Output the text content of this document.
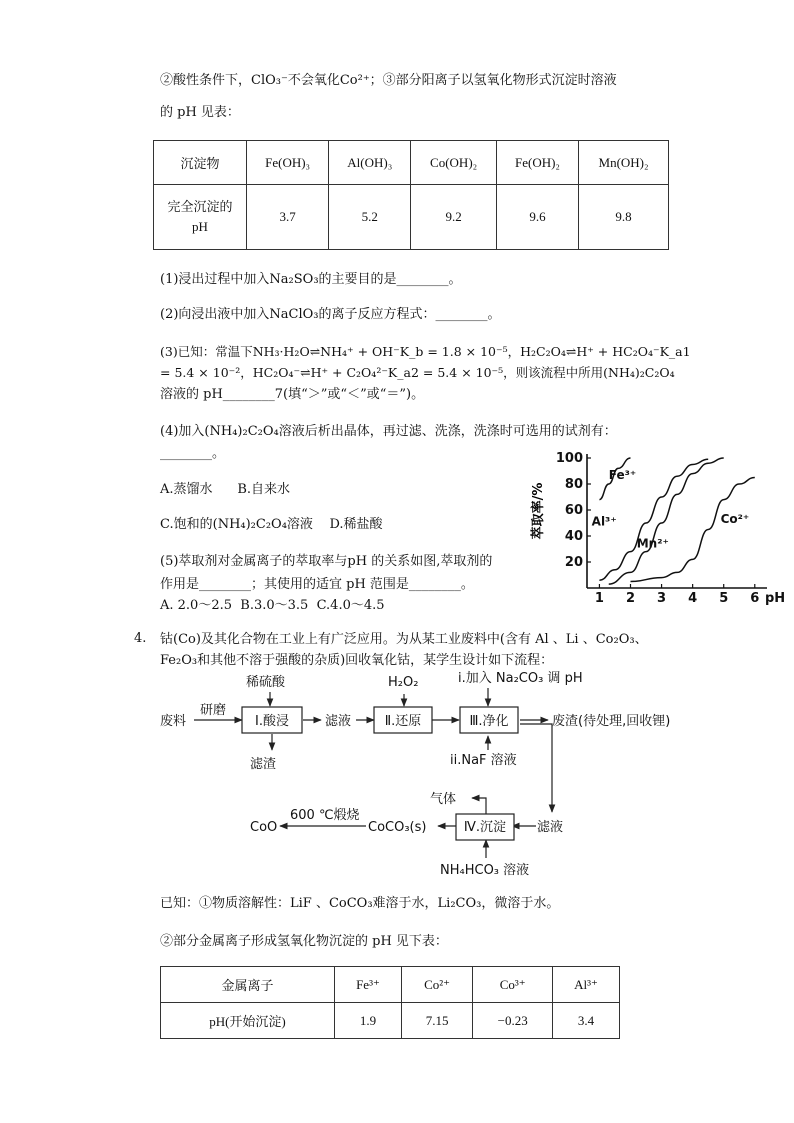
②酸性条件下，ClO₃⁻不会氧化Co²⁺；③部分阳离子以氢氧化物形式沉淀时溶液
的 pH 见表：
沉淀物	Fe(OH)₃	Al(OH)₃	Co(OH)₂	Fe(OH)₂	Mn(OH)₂
完全沉淀的
pH	3.7	5.2	9.2	9.6	9.8
(1)浸出过程中加入Na₂SO₃的主要目的是________。
(2)向浸出液中加入NaClO₃的离子反应方程式：________。
(3)已知：常温下NH₃·H₂O⇌NH₄⁺ + OH⁻K_b = 1.8 × 10⁻⁵，H₂C₂O₄⇌H⁺ + HC₂O₄⁻K_a1
= 5.4 × 10⁻²，HC₂O₄⁻⇌H⁺ + C₂O₄²⁻K_a2 = 5.4 × 10⁻⁵，则该流程中所用(NH₄)₂C₂O₄
溶液的 pH________7(填“＞”或“＜”或“＝”)。
(4)加入(NH₄)₂C₂O₄溶液后析出晶体，再过滤、洗涤，洗涤时可选用的试剂有：
________。
A.蒸馏水      B.自来水
C.饱和的(NH₄)₂C₂O₄溶液    D.稀盐酸
(5)萃取剂对金属离子的萃取率与pH 的关系如图,萃取剂的
作用是________；其使用的适宜 pH 范围是________。
A. 2.0～2.5  B.3.0～3.5  C.4.0～4.5
萃取率/%
1 2 3 4 5 6 pH
20
40
60
80
100
Fe³⁺
Al³⁺
Mn²⁺
Co²⁺
4. 钴(Co)及其化合物在工业上有广泛应用。为从某工业废料中(含有 Al 、Li 、Co₂O₃、
Fe₂O₃和其他不溶于强酸的杂质)回收氧化钴，某学生设计如下流程：
废料
研磨
稀硫酸
Ⅰ.酸浸
滤渣
滤液
H₂O₂
Ⅱ.还原
i.加入 Na₂CO₃ 调 pH
Ⅲ.净化	废渣(待处理,回收锂)
ii.NaF 溶液
气体
滤液
Ⅳ.沉淀
CoCO₃(s)
600 ℃煅烧
CoO
NH₄HCO₃ 溶液
已知：①物质溶解性：LiF 、CoCO₃难溶于水，Li₂CO₃，微溶于水。
②部分金属离子形成氢氧化物沉淀的 pH 见下表：
金属离子	Fe³⁺	Co²⁺	Co³⁺	Al³⁺
pH(开始沉淀)	1.9	7.15	−0.23	3.4
